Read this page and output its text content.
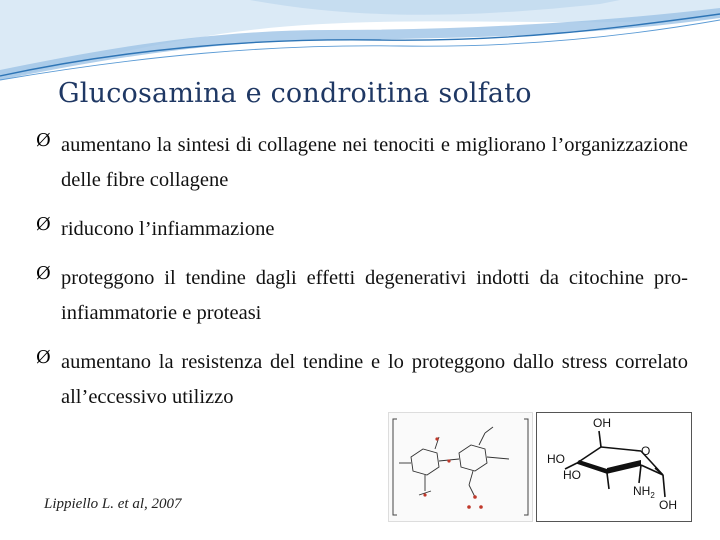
Glucosamina e condroitina solfato
Ø aumentano la sintesi di collagene nei tenociti e migliorano l’organizzazione delle fibre collagene
Ø riducono l’infiammazione
Ø proteggono il tendine dagli effetti degenerativi indotti da citochine pro-infiammatorie e proteasi
Ø aumentano la resistenza del tendine e lo proteggono dallo stress correlato all’eccessivo utilizzo
Lippiello L. et al, 2007
OH
O
HO
HO
$NH_2$
OH
